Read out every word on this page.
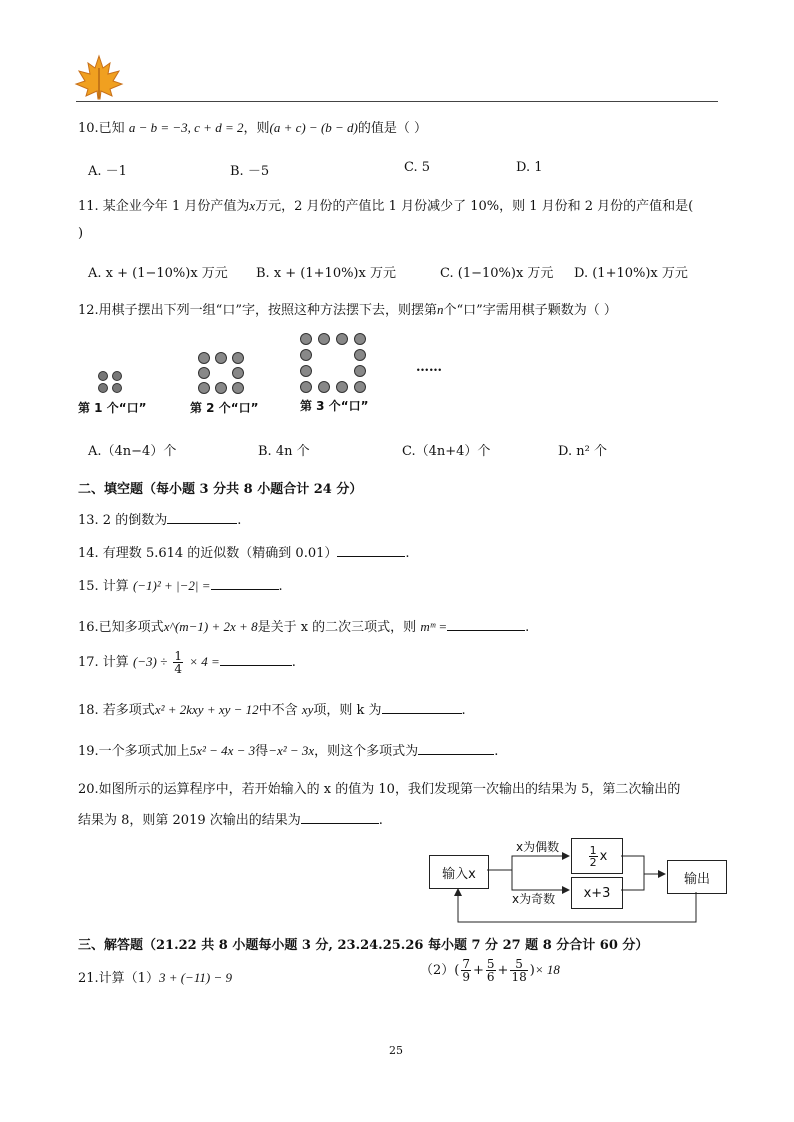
10.已知 a − b = −3, c + d = 2，则(a + c) − (b − d)的值是（ ）
A. －1	B. －5	C. 5	D. 1
11. 某企业今年 1 月份产值为x万元，2 月份的产值比 1 月份减少了 10%，则 1 月份和 2 月份的产值和是(
)
A. x + (1−10%)x 万元 B. x + (1+10%)x 万元	C. (1−10%)x 万元 D. (1+10%)x 万元
12.用棋子摆出下列一组“口”字，按照这种方法摆下去，则摆第n个“口”字需用棋子颗数为（ ）
……
第 1 个“口”	第 2 个“口”	第 3 个“口”
A.（4n−4）个	B. 4n 个	C.（4n+4）个	D. n² 个
二、填空题（每小题 3 分共 8 小题合计 24 分）
13. 2 的倒数为	.
14. 有理数 5.614 的近似数（精确到 0.01）	.
15. 计算 (−1)² + |−2| =	.
16.已知多项式x^(m−1) + 2x + 8是关于 x 的二次三项式，则 mᵐ =	.
17. 计算 $(-3) \div \frac{1}{4} \times 4$ =	.
18. 若多项式x² + 2kxy + xy − 12中不含 xy项，则 k 为	.
19.一个多项式加上5x² − 4x − 3得−x² − 3x，则这个多项式为	.
20.如图所示的运算程序中，若开始输入的 x 的值为 10，我们发现第一次输出的结果为 5，第二次输出的
结果为 8，则第 2019 次输出的结果为	.
输入x
$\frac{1}{2}$ x
x+3
输出
x为偶数
x为奇数
三、解答题（21.22 共 8 小题每小题 3 分, 23.24.25.26 每小题 7 分 27 题 8 分合计 60 分）
21.计算（1）3 + (−11) − 9	$(2)( \frac{7}{9} + \frac{5}{6} + \frac{5}{18}$ )× 18
25
